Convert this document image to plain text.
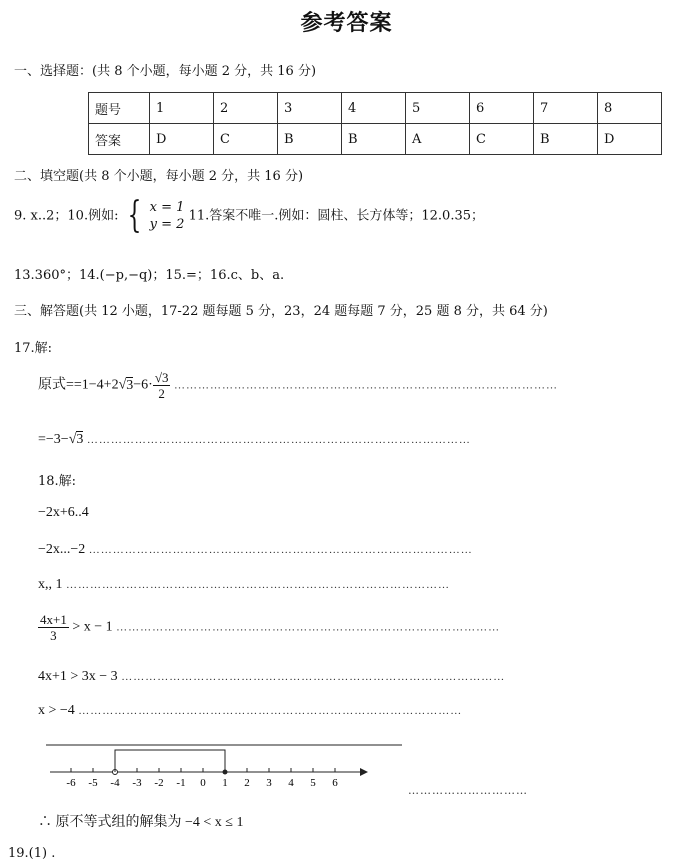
参考答案
一、选择题：(共 8 个小题，每小题 2 分，共 16 分)
题号	1	2	3	4	5	6	7	8
答案	D	C	B	B	A	C	B	D
二、填空题(共 8 个小题，每小题 2 分，共 16 分)
9. x..2；10.例如: { x = 1
y = 2
11.答案不唯一.例如：圆柱、长方体等；12.0.35；
13.360°；14.(−p,−q)；15.=；16.c、b、a.
三、解答题(共 12 小题，17-22 题每题 5 分，23，24 题每题 7 分，25 题 8 分，共 64 分)
17.解:
原式$==1-4+2√3-6\cdot \frac{√3}{2}$ ……………………………………………………………………………………
=−3−√3 ……………………………………………………………………………………
18.解:
−2x+6..4
−2x...−2 ……………………………………………………………………………………
x,, 1 ……………………………………………………………………………………
$\frac{4x+1}{3} > x - 1$ ……………………………………………………………………………………
4x+1 > 3x − 3 ……………………………………………………………………………………
x > −4 ……………………………………………………………………………………
-6 -5 -4 -3 -2 -1 0 1 2 3 4 5 6
…………………………
∴ 原不等式组的解集为 −4 < x ≤ 1
19.(1) .
